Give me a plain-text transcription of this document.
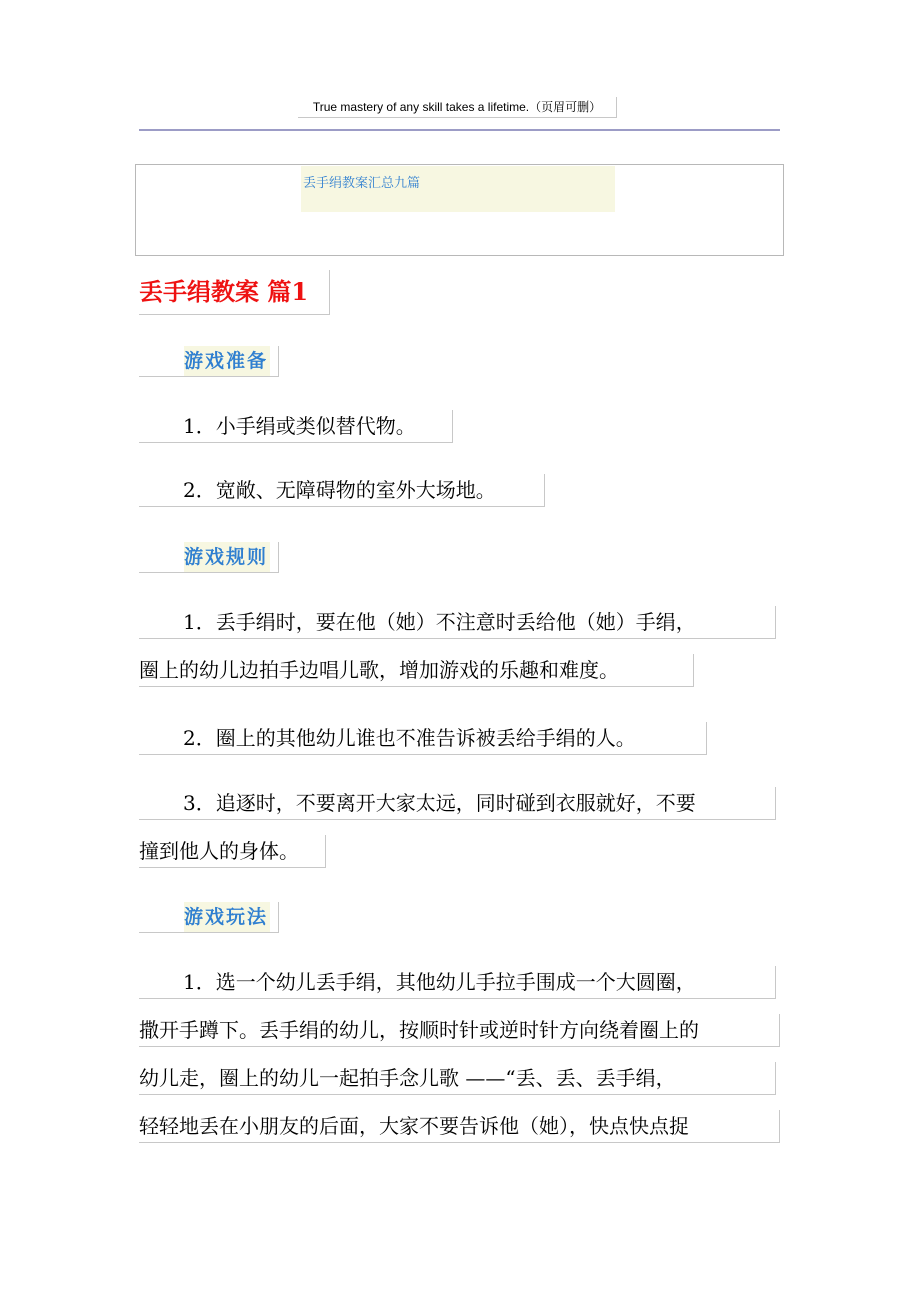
True mastery of any skill takes a lifetime.（页眉可删）
丢手绢教案汇总九篇
丢手绢教案 篇1
游戏准备
1．小手绢或类似替代物。
2．宽敞、无障碍物的室外大场地。
游戏规则
1．丢手绢时，要在他（她）不注意时丢给他（她）手绢，
圈上的幼儿边拍手边唱儿歌，增加游戏的乐趣和难度。
2．圈上的其他幼儿谁也不准告诉被丢给手绢的人。
3．追逐时，不要离开大家太远，同时碰到衣服就好，不要
撞到他人的身体。
游戏玩法
1．选一个幼儿丢手绢，其他幼儿手拉手围成一个大圆圈，
撒开手蹲下。丢手绢的幼儿，按顺时针或逆时针方向绕着圈上的
幼儿走，圈上的幼儿一起拍手念儿歌 ——“丢、丢、丢手绢，
轻轻地丢在小朋友的后面，大家不要告诉他（她），快点快点捉
